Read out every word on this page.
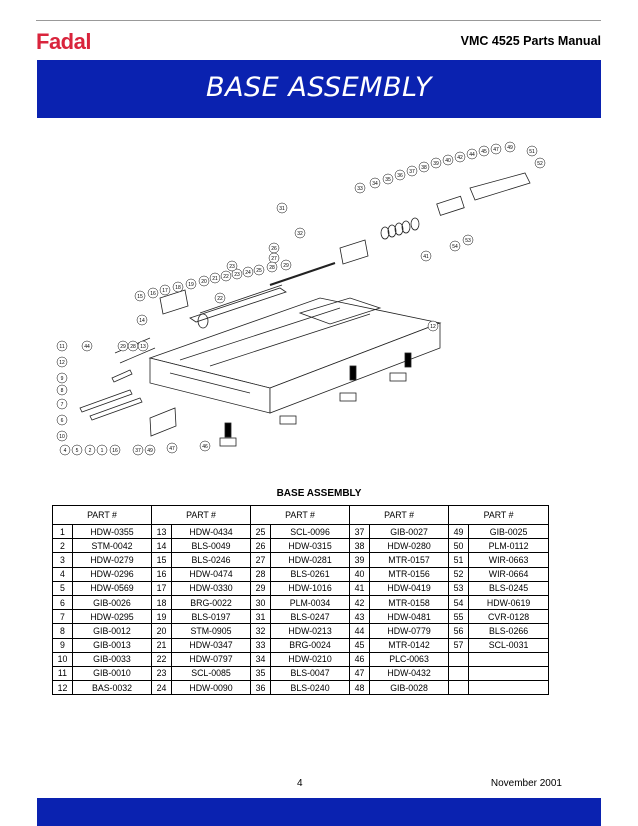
Fadal	VMC 4525 Parts Manual
BASE ASSEMBLY
4 5 2 1 16	37 49	47	46
11	44
12
9
8
7
6
10
29 28 13
14
15 16 17 18 19 20 21 22 23 24 25
22
23
26
27
29
28
31
32
33
34
35
36
37
38
39 40 42 44 45 47 49
51
52
41
54
53
12
BASE ASSEMBLY
PART #		PART #		PART #		PART #		PART #	
1	HDW-0355	13	HDW-0434	25	SCL-0096	37	GIB-0027	49	GIB-0025
2	STM-0042	14	BLS-0049	26	HDW-0315	38	HDW-0280	50	PLM-0112
3	HDW-0279	15	BLS-0246	27	HDW-0281	39	MTR-0157	51	WIR-0663
4	HDW-0296	16	HDW-0474	28	BLS-0261	40	MTR-0156	52	WIR-0664
5	HDW-0569	17	HDW-0330	29	HDW-1016	41	HDW-0419	53	BLS-0245
6	GIB-0026	18	BRG-0022	30	PLM-0034	42	MTR-0158	54	HDW-0619
7	HDW-0295	19	BLS-0197	31	BLS-0247	43	HDW-0481	55	CVR-0128
8	GIB-0012	20	STM-0905	32	HDW-0213	44	HDW-0779	56	BLS-0266
9	GIB-0013	21	HDW-0347	33	BRG-0024	45	MTR-0142	57	SCL-0031
10	GIB-0033	22	HDW-0797	34	HDW-0210	46	PLC-0063		
11	GIB-0010	23	SCL-0085	35	BLS-0047	47	HDW-0432		
12	BAS-0032	24	HDW-0090	36	BLS-0240	48	GIB-0028		
4	November 2001
